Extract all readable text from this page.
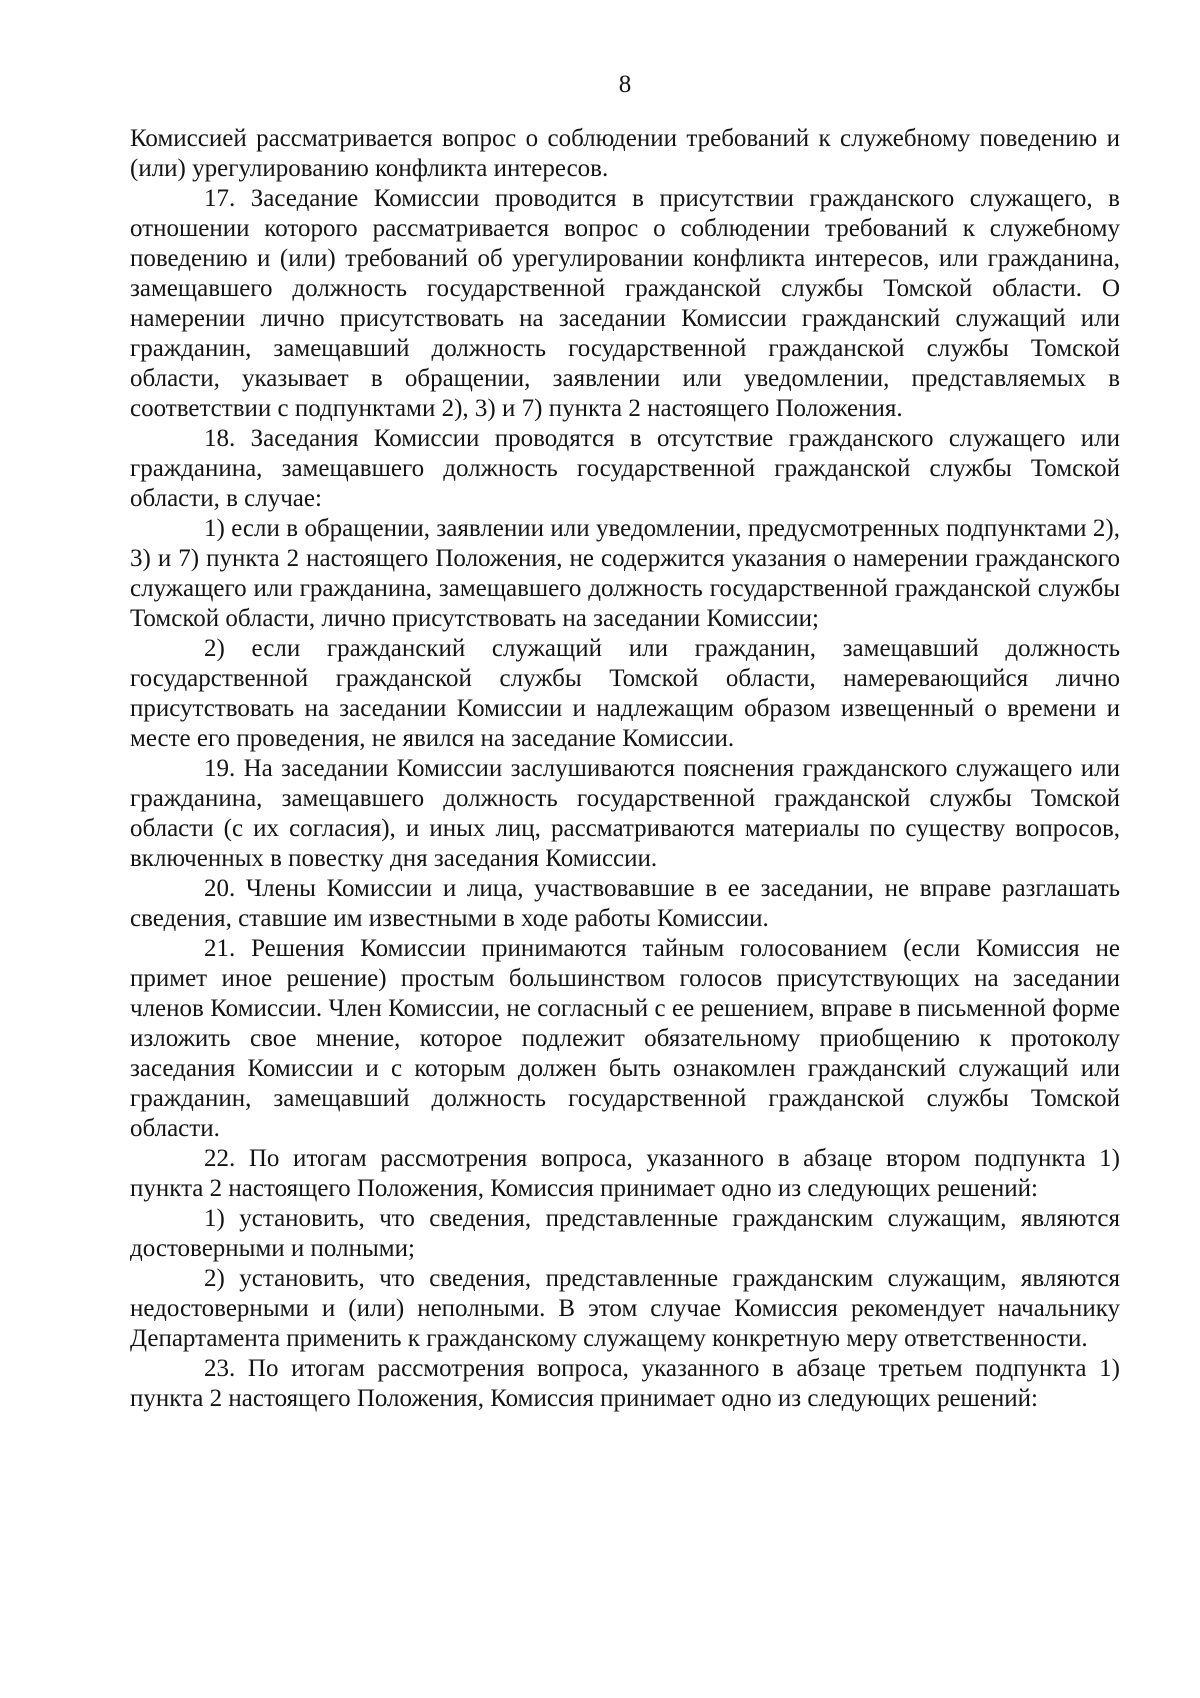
8

Комиссией рассматривается вопрос о соблюдении требований к служебному поведению и (или) урегулированию конфликта интересов.

17. Заседание Комиссии проводится в присутствии гражданского служащего, в отношении которого рассматривается вопрос о соблюдении требований к служебному поведению и (или) требований об урегулировании конфликта интересов, или гражданина, замещавшего должность государственной гражданской службы Томской области. О намерении лично присутствовать на заседании Комиссии гражданский служащий или гражданин, замещавший должность государственной гражданской службы Томской области, указывает в обращении, заявлении или уведомлении, представляемых в соответствии с подпунктами 2), 3) и 7) пункта 2 настоящего Положения.

18. Заседания Комиссии проводятся в отсутствие гражданского служащего или гражданина, замещавшего должность государственной гражданской службы Томской области, в случае:

1) если в обращении, заявлении или уведомлении, предусмотренных подпунктами 2), 3) и 7) пункта 2 настоящего Положения, не содержится указания о намерении гражданского служащего или гражданина, замещавшего должность государственной гражданской службы Томской области, лично присутствовать на заседании Комиссии;

2) если гражданский служащий или гражданин, замещавший должность государственной гражданской службы Томской области, намеревающийся лично присутствовать на заседании Комиссии и надлежащим образом извещенный о времени и месте его проведения, не явился на заседание Комиссии.

19. На заседании Комиссии заслушиваются пояснения гражданского служащего или гражданина, замещавшего должность государственной гражданской службы Томской области (с их согласия), и иных лиц, рассматриваются материалы по существу вопросов, включенных в повестку дня заседания Комиссии.

20. Члены Комиссии и лица, участвовавшие в ее заседании, не вправе разглашать сведения, ставшие им известными в ходе работы Комиссии.

21. Решения Комиссии принимаются тайным голосованием (если Комиссия не примет иное решение) простым большинством голосов присутствующих на заседании членов Комиссии. Член Комиссии, не согласный с ее решением, вправе в письменной форме изложить свое мнение, которое подлежит обязательному приобщению к протоколу заседания Комиссии и с которым должен быть ознакомлен гражданский служащий или гражданин, замещавший должность государственной гражданской службы Томской области.

22. По итогам рассмотрения вопроса, указанного в абзаце втором подпункта 1) пункта 2 настоящего Положения, Комиссия принимает одно из следующих решений:

1) установить, что сведения, представленные гражданским служащим, являются достоверными и полными;

2) установить, что сведения, представленные гражданским служащим, являются недостоверными и (или) неполными. В этом случае Комиссия рекомендует начальнику Департамента применить к гражданскому служащему конкретную меру ответственности.

23. По итогам рассмотрения вопроса, указанного в абзаце третьем подпункта 1) пункта 2 настоящего Положения, Комиссия принимает одно из следующих решений:
